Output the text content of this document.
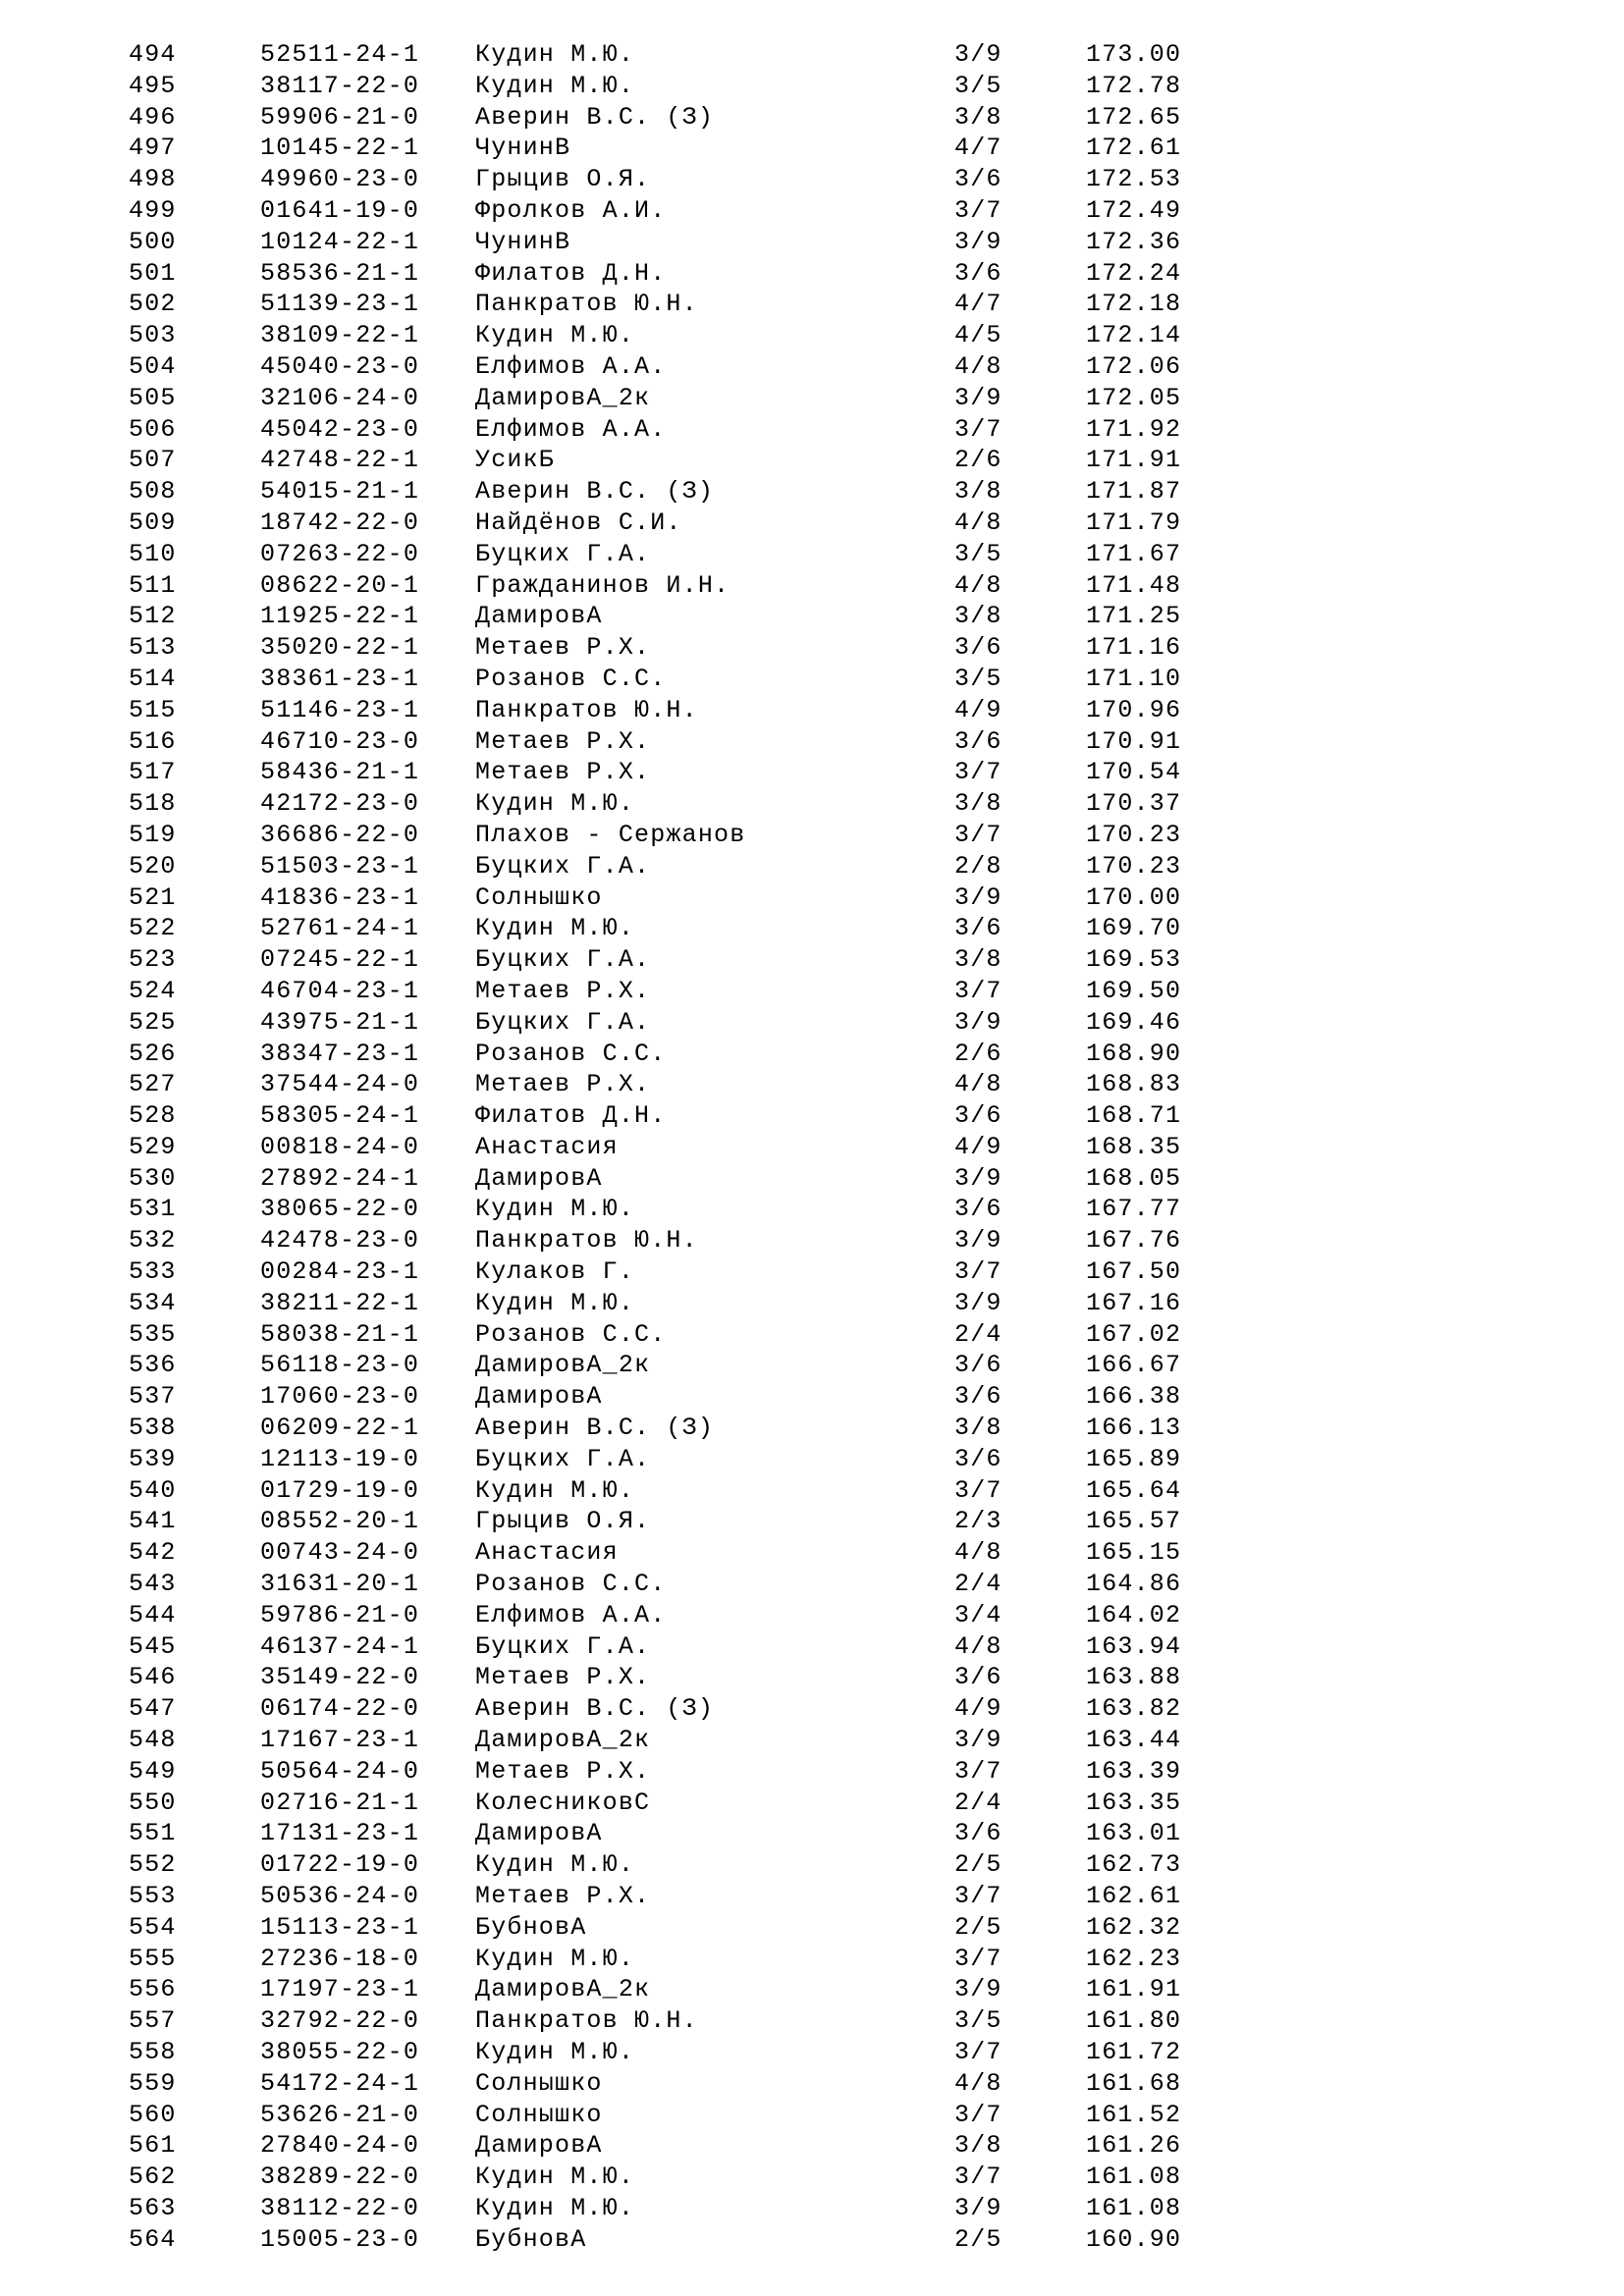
494	52511-24-1 Кудин М.Ю.	3/9	173.00
495	38117-22-0 Кудин М.Ю.	3/5	172.78
496	59906-21-0 Аверин В.С. (З)	3/8	172.65
497	10145-22-1 ЧунинВ	4/7	172.61
498	49960-23-0 Грыцив О.Я.	3/6	172.53
499	01641-19-0 Фролков А.И.	3/7	172.49
500	10124-22-1 ЧунинВ	3/9	172.36
501	58536-21-1 Филатов Д.Н.	3/6	172.24
502	51139-23-1 Панкратов Ю.Н.	4/7	172.18
503	38109-22-1 Кудин М.Ю.	4/5	172.14
504	45040-23-0 Елфимов А.А.	4/8	172.06
505	32106-24-0 ДамировА_2к	3/9	172.05
506	45042-23-0 Елфимов А.А.	3/7	171.92
507	42748-22-1 УсикБ	2/6	171.91
508	54015-21-1 Аверин В.С. (З)	3/8	171.87
509	18742-22-0 Найдёнов С.И.	4/8	171.79
510	07263-22-0 Буцких Г.А.	3/5	171.67
511	08622-20-1 Гражданинов И.Н.	4/8	171.48
512	11925-22-1 ДамировА	3/8	171.25
513	35020-22-1 Метаев Р.Х.	3/6	171.16
514	38361-23-1 Розанов С.С.	3/5	171.10
515	51146-23-1 Панкратов Ю.Н.	4/9	170.96
516	46710-23-0 Метаев Р.Х.	3/6	170.91
517	58436-21-1 Метаев Р.Х.	3/7	170.54
518	42172-23-0 Кудин М.Ю.	3/8	170.37
519	36686-22-0 Плахов - Сержанов	3/7	170.23
520	51503-23-1 Буцких Г.А.	2/8	170.23
521	41836-23-1 Солнышко	3/9	170.00
522	52761-24-1 Кудин М.Ю.	3/6	169.70
523	07245-22-1 Буцких Г.А.	3/8	169.53
524	46704-23-1 Метаев Р.Х.	3/7	169.50
525	43975-21-1 Буцких Г.А.	3/9	169.46
526	38347-23-1 Розанов С.С.	2/6	168.90
527	37544-24-0 Метаев Р.Х.	4/8	168.83
528	58305-24-1 Филатов Д.Н.	3/6	168.71
529	00818-24-0 Анастасия	4/9	168.35
530	27892-24-1 ДамировА	3/9	168.05
531	38065-22-0 Кудин М.Ю.	3/6	167.77
532	42478-23-0 Панкратов Ю.Н.	3/9	167.76
533	00284-23-1 Кулаков Г.	3/7	167.50
534	38211-22-1 Кудин М.Ю.	3/9	167.16
535	58038-21-1 Розанов С.С.	2/4	167.02
536	56118-23-0 ДамировА_2к	3/6	166.67
537	17060-23-0 ДамировА	3/6	166.38
538	06209-22-1 Аверин В.С. (З)	3/8	166.13
539	12113-19-0 Буцких Г.А.	3/6	165.89
540	01729-19-0 Кудин М.Ю.	3/7	165.64
541	08552-20-1 Грыцив О.Я.	2/3	165.57
542	00743-24-0 Анастасия	4/8	165.15
543	31631-20-1 Розанов С.С.	2/4	164.86
544	59786-21-0 Елфимов А.А.	3/4	164.02
545	46137-24-1 Буцких Г.А.	4/8	163.94
546	35149-22-0 Метаев Р.Х.	3/6	163.88
547	06174-22-0 Аверин В.С. (З)	4/9	163.82
548	17167-23-1 ДамировА_2к	3/9	163.44
549	50564-24-0 Метаев Р.Х.	3/7	163.39
550	02716-21-1 КолесниковС	2/4	163.35
551	17131-23-1 ДамировА	3/6	163.01
552	01722-19-0 Кудин М.Ю.	2/5	162.73
553	50536-24-0 Метаев Р.Х.	3/7	162.61
554	15113-23-1 БубновА	2/5	162.32
555	27236-18-0 Кудин М.Ю.	3/7	162.23
556	17197-23-1 ДамировА_2к	3/9	161.91
557	32792-22-0 Панкратов Ю.Н.	3/5	161.80
558	38055-22-0 Кудин М.Ю.	3/7	161.72
559	54172-24-1 Солнышко	4/8	161.68
560	53626-21-0 Солнышко	3/7	161.52
561	27840-24-0 ДамировА	3/8	161.26
562	38289-22-0 Кудин М.Ю.	3/7	161.08
563	38112-22-0 Кудин М.Ю.	3/9	161.08
564	15005-23-0 БубновА	2/5	160.90
